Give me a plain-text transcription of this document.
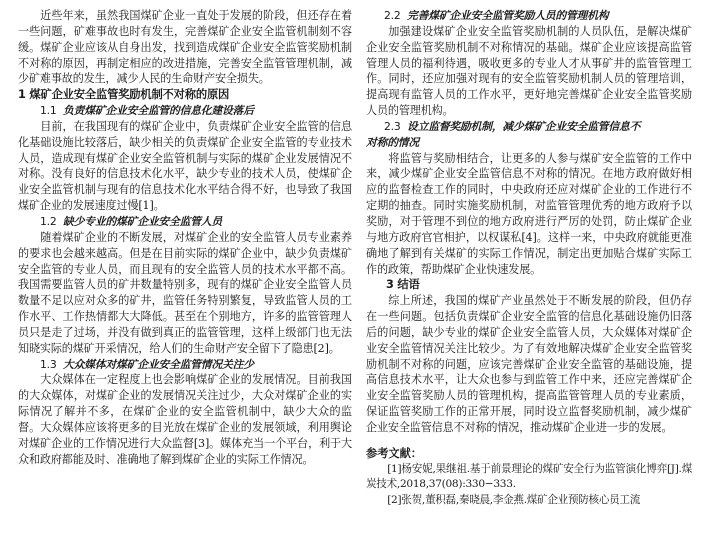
近些年来，虽然我国煤矿企业一直处于发展的阶段，但还存在着一些问题，矿难事故也时有发生，完善煤矿企业安全监管机制刻不容缓。煤矿企业应该从自身出发，找到造成煤矿企业安全监管奖励机制不对称的原因，再制定相应的改进措施，完善安全监管管理机制，减少矿难事故的发生，减少人民的生命财产安全损失。

1 煤矿企业安全监管奖励机制不对称的原因

1.1 负责煤矿企业安全监管的信息化建设落后

目前，在我国现有的煤矿企业中，负责煤矿企业安全监管的信息化基础设施比较落后，缺少相关的负责煤矿企业安全监管的专业技术人员，造成现有煤矿企业安全监管机制与实际的煤矿企业发展情况不对称。没有良好的信息技术化水平，缺少专业的技术人员，使煤矿企业安全监管机制与现有的信息技术化水平结合得不好，也导致了我国煤矿企业的发展速度过慢[1]。

1.2 缺少专业的煤矿企业安全监管人员

随着煤矿企业的不断发展，对煤矿企业的安全监管人员专业素养的要求也会越来越高。但是在目前实际的煤矿企业中，缺少负责煤矿安全监管的专业人员，而且现有的安全监管人员的技术水平都不高。我国需要监管人员的矿井数量特别多，现有的煤矿企业安全监管人员数量不足以应对众多的矿井，监管任务特别繁复，导致监管人员的工作水平、工作热情都大大降低。甚至在个别地方，许多的监管管理人员只是走了过场，并没有做到真正的监管管理，这样上级部门也无法知晓实际的煤矿开采情况，给人们的生命财产安全留下了隐患[2]。

1.3 大众媒体对煤矿企业安全监管情况关注少

大众媒体在一定程度上也会影响煤矿企业的发展情况。目前我国的大众媒体，对煤矿企业的发展情况关注过少，大众对煤矿企业的实际情况了解并不多，在煤矿企业的安全监管机制中，缺少大众的监督。大众媒体应该将更多的目光放在煤矿企业的发展领域，利用舆论对煤矿企业的工作情况进行大众监督[3]。媒体充当一个平台，利于大众和政府都能及时、准确地了解到煤矿企业的实际工作情况。

2.2 完善煤矿企业安全监管奖励人员的管理机构

加强建设煤矿企业安全监管奖励机制的人员队伍，是解决煤矿企业安全监管奖励机制不对称情况的基础。煤矿企业应该提高监管管理人员的福利待遇，吸收更多的专业人才从事矿井的监管管理工作。同时，还应加强对现有的安全监管奖励机制人员的管理培训，提高现有监管人员的工作水平，更好地完善煤矿企业安全监管奖励人员的管理机构。

2.3 设立监督奖励机制，减少煤矿企业安全监管信息不

对称的情况

将监管与奖励相结合，让更多的人参与煤矿安全监管的工作中来，减少煤矿企业安全监管信息不对称的情况。在地方政府做好相应的监督检查工作的同时，中央政府还应对煤矿企业的工作进行不定期的抽查。同时实施奖励机制，对监管管理优秀的地方政府予以奖励，对于管理不到位的地方政府进行严厉的处罚，防止煤矿企业与地方政府官官相护，以权谋私[4]。这样一来，中央政府就能更准确地了解到有关煤矿的实际工作情况，制定出更加贴合煤矿实际工作的政策，帮助煤矿企业快速发展。

3 结语

综上所述，我国的煤矿产业虽然处于不断发展的阶段，但仍存在一些问题。包括负责煤矿企业安全监管的信息化基础设施仍旧落后的问题，缺少专业的煤矿企业安全监管人员，大众媒体对煤矿企业安全监管情况关注比较少。为了有效地解决煤矿企业安全监管奖励机制不对称的问题，应该完善煤矿企业安全监管的基础设施，提高信息技术水平，让大众也参与到监管工作中来，还应完善煤矿企业安全监管奖励人员的管理机构，提高监管管理人员的专业素质，保证监管奖励工作的正常开展，同时设立监督奖励机制，减少煤矿企业安全监管信息不对称的情况，推动煤矿企业进一步的发展。

参考文献：

[1]杨安妮,果继祖.基于前景理论的煤矿安全行为监管演化博弈[J].煤炭技术,2018,37(08):330−333.

[2]张贺,董积磊,秦晓晨,李金燕.煤矿企业预防核心员工流
